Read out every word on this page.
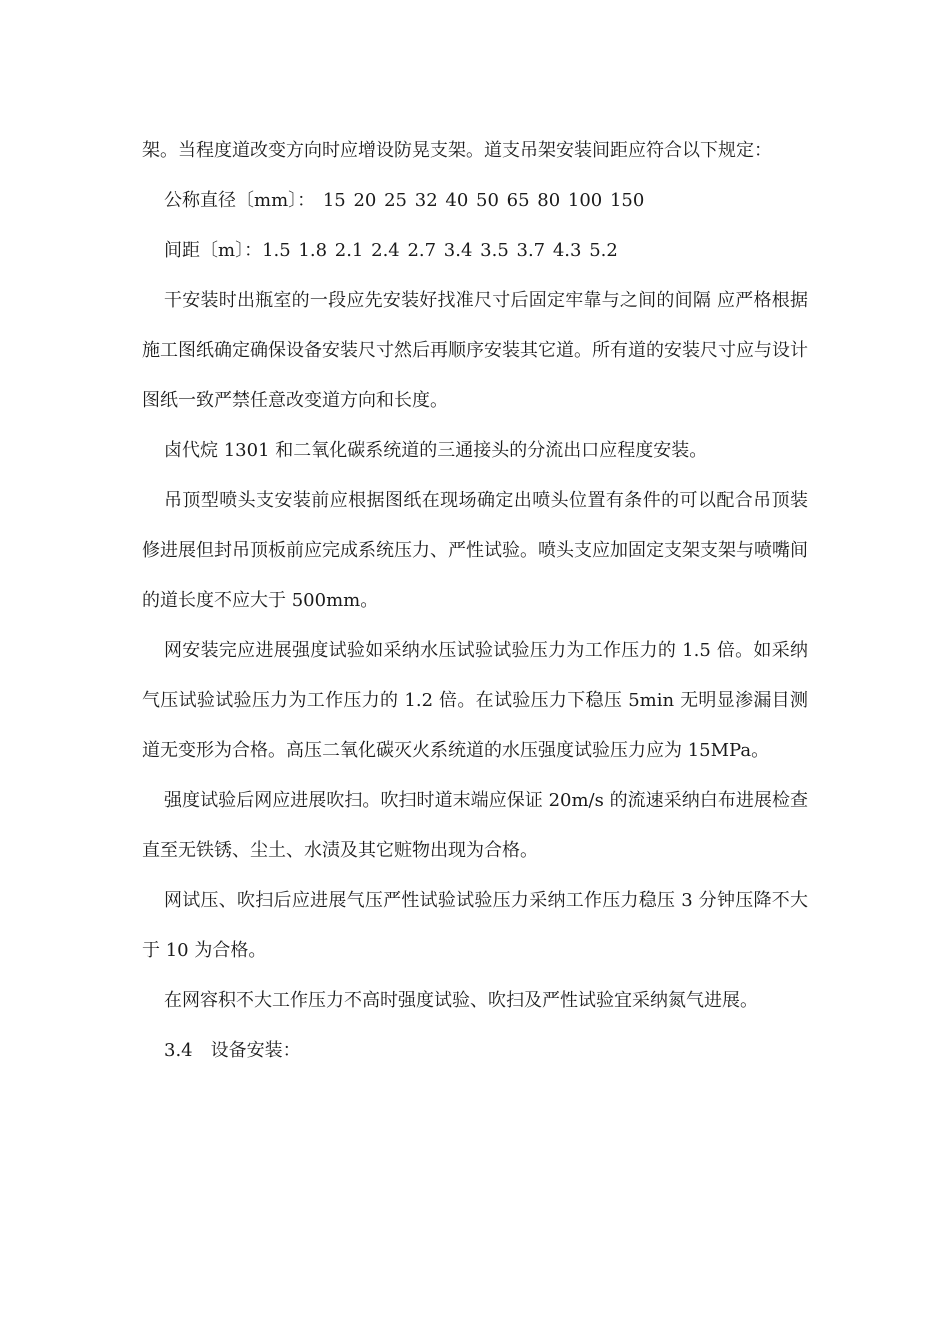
架。当程度道改变方向时应增设防晃支架。道支吊架安装间距应符合以下规定：

公称直径〔mm〕： 15 20 25 32 40 50 65 80 100 150

间距〔m〕：1.5 1.8 2.1 2.4 2.7 3.4 3.5 3.7 4.3 5.2

干安装时出瓶室的一段应先安装好找准尺寸后固定牢靠与之间的间隔 应严格根据施工图纸确定确保设备安装尺寸然后再顺序安装其它道。所有道的安装尺寸应与设计图纸一致严禁任意改变道方向和长度。

卤代烷 1301 和二氧化碳系统道的三通接头的分流出口应程度安装。

吊顶型喷头支安装前应根据图纸在现场确定出喷头位置有条件的可以配合吊顶装修进展但封吊顶板前应完成系统压力、严性试验。喷头支应加固定支架支架与喷嘴间的道长度不应大于 500mm。

网安装完应进展强度试验如采纳水压试验试验压力为工作压力的 1.5 倍。如采纳气压试验试验压力为工作压力的 1.2 倍。在试验压力下稳压 5min 无明显渗漏目测道无变形为合格。高压二氧化碳灭火系统道的水压强度试验压力应为 15MPa。

强度试验后网应进展吹扫。吹扫时道末端应保证 20m/s 的流速采纳白布进展检查直至无铁锈、尘土、水渍及其它赃物出现为合格。

网试压、吹扫后应进展气压严性试验试验压力采纳工作压力稳压 3 分钟压降不大于 10 为合格。

在网容积不大工作压力不高时强度试验、吹扫及严性试验宜采纳氮气进展。

3.4　设备安装：
